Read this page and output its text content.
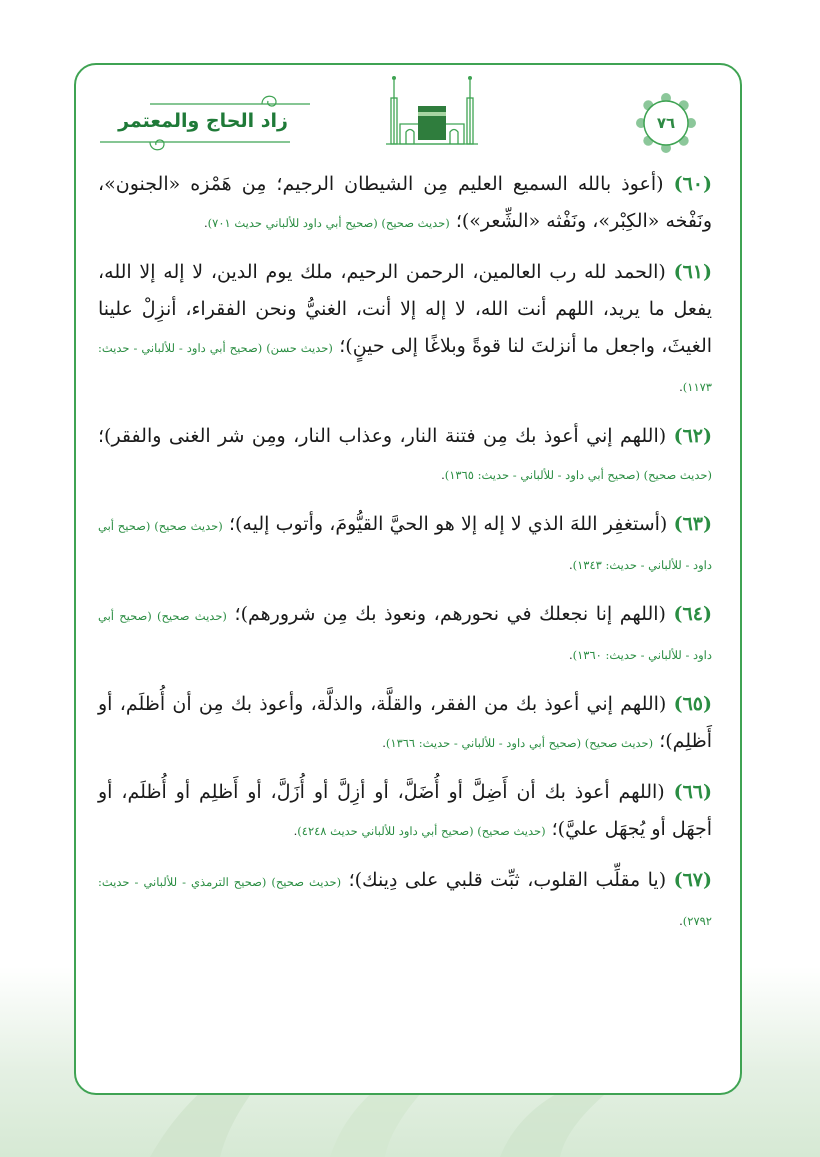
٧٦
زاد الحاج والمعتمر

(٦٠) (أعوذ بالله السميع العليم مِن الشيطان الرجيم؛ مِن هَمْزه «الجنون»، ونَفْخه «الكِبْر»، ونَفْثه «الشِّعر»)؛ (حديث صحيح) (صحيح أبي داود للألباني حديث ٧٠١).

(٦١) (الحمد لله رب العالمين، الرحمن الرحيم، ملك يوم الدين، لا إله إلا الله، يفعل ما يريد، اللهم أنت الله، لا إله إلا أنت، الغنيُّ ونحن الفقراء، أنزِلْ علينا الغيثَ، واجعل ما أنزلتَ لنا قوةً وبلاغًا إلى حينٍ)؛ (حديث حسن) (صحيح أبي داود - للألباني - حديث: ١١٧٣).

(٦٢) (اللهم إني أعوذ بك مِن فتنة النار، وعذاب النار، ومِن شر الغنى والفقر)؛ (حديث صحيح) (صحيح أبي داود - للألباني - حديث: ١٣٦٥).

(٦٣) (أستغفِر اللهَ الذي لا إله إلا هو الحيَّ القيُّومَ، وأتوب إليه)؛ (حديث صحيح) (صحيح أبي داود - للألباني - حديث: ١٣٤٣).

(٦٤) (اللهم إنا نجعلك في نحورهم، ونعوذ بك مِن شرورهم)؛ (حديث صحيح) (صحيح أبي داود - للألباني - حديث: ١٣٦٠).

(٦٥) (اللهم إني أعوذ بك من الفقر، والقلَّة، والذلَّة، وأعوذ بك مِن أن أُظلَم، أو أَظلِم)؛ (حديث صحيح) (صحيح أبي داود - للألباني - حديث: ١٣٦٦).

(٦٦) (اللهم أعوذ بك أن أَضِلَّ أو أُضَلَّ، أو أزِلَّ أو أُزَلَّ، أو أَظلِم أو أُظلَم، أو أجهَل أو يُجهَل عليَّ)؛ (حديث صحيح) (صحيح أبي داود للألباني حديث ٤٢٤٨).

(٦٧) (يا مقلِّب القلوب، ثبِّت قلبي على دِينك)؛ (حديث صحيح) (صحيح الترمذي - للألباني - حديث: ٢٧٩٢).
